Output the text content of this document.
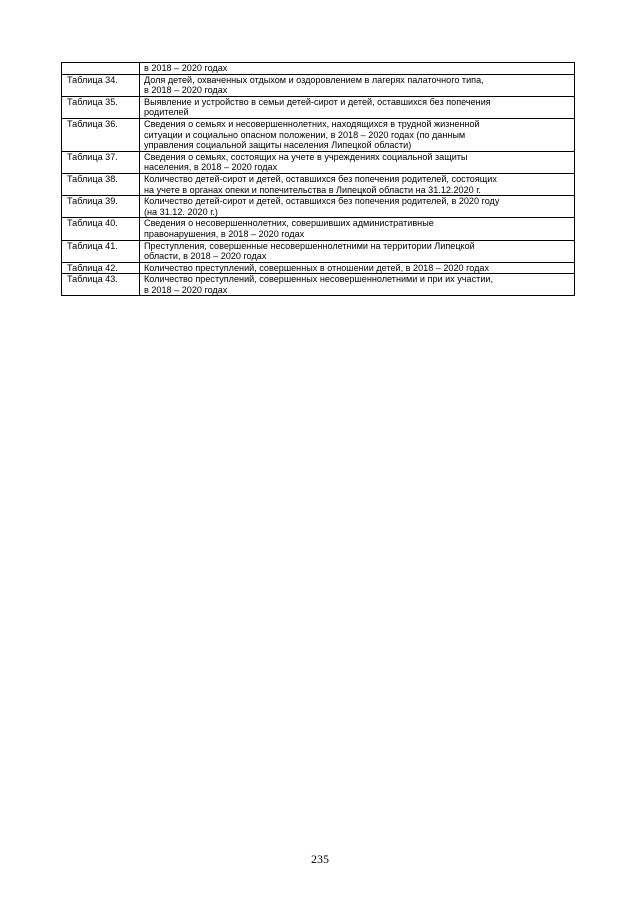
	в 2018 – 2020 годах
Таблица 34.	Доля детей, охваченных отдыхом и оздоровлением в лагерях палаточного типа,
в 2018 – 2020 годах
Таблица 35.	Выявление и устройство в семьи детей-сирот и детей, оставшихся без попечения
родителей
Таблица 36.	Сведения о семьях и несовершеннолетних, находящихся в трудной жизненной
ситуации и социально опасном положении, в 2018 – 2020 годах (по данным
управления социальной защиты населения Липецкой области)
Таблица 37.	Сведения о семьях, состоящих на учете в учреждениях социальной защиты
населения, в 2018 – 2020 годах
Таблица 38.	Количество детей-сирот и детей, оставшихся без попечения родителей, состоящих
на учете в органах опеки и попечительства в Липецкой области на 31.12.2020 г.
Таблица 39.	Количество детей-сирот и детей, оставшихся без попечения родителей, в 2020 году
(на 31.12. 2020 г.)
Таблица 40.	Сведения о несовершеннолетних, совершивших административные
правонарушения, в 2018 – 2020 годах
Таблица 41.	Преступления, совершенные несовершеннолетними на территории Липецкой
области, в 2018 – 2020 годах
Таблица 42.	Количество преступлений, совершенных в отношении детей, в 2018 – 2020 годах
Таблица 43.	Количество преступлений, совершенных несовершеннолетними и при их участии,
в 2018 – 2020 годах
235
